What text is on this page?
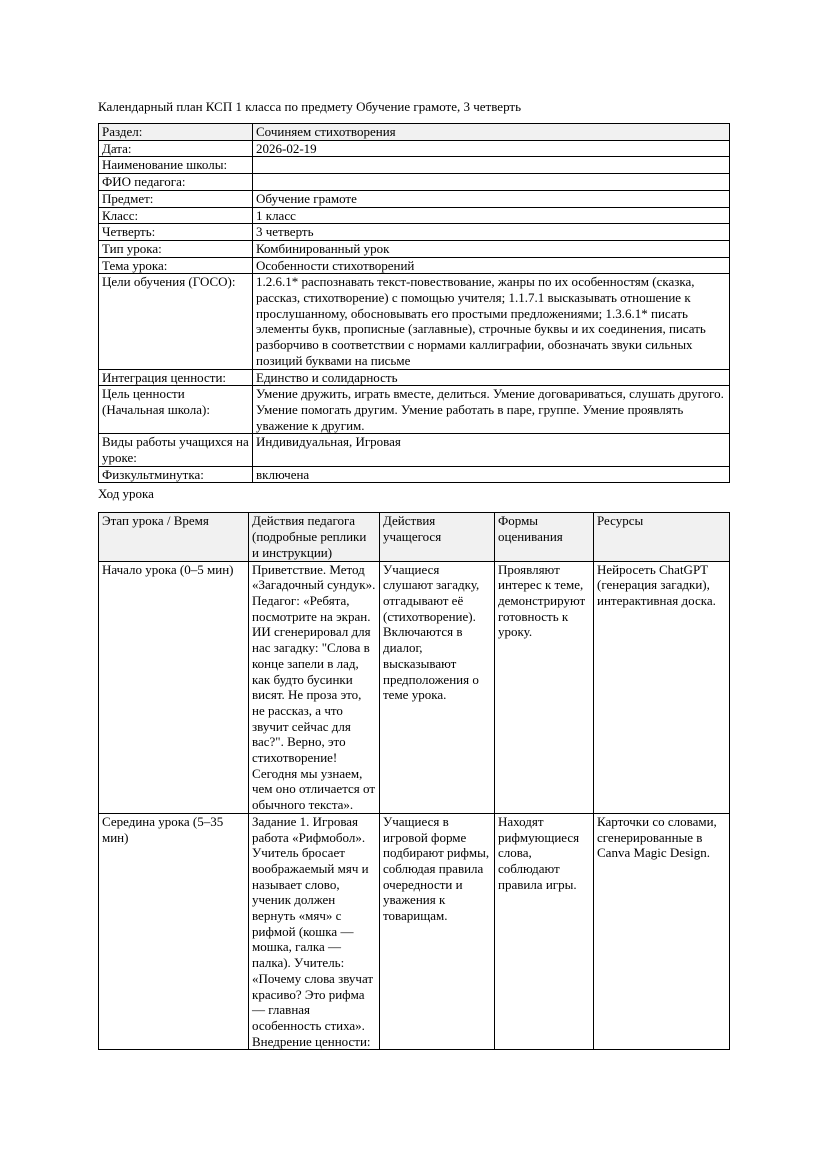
Календарный план КСП 1 класса по предмету Обучение грамоте, 3 четверть

Раздел:	Сочиняем стихотворения
Дата:	2026-02-19
Наименование школы:	
ФИО педагога:	
Предмет:	Обучение грамоте
Класс:	1 класс
Четверть:	3 четверть
Тип урока:	Комбинированный урок
Тема урока:	Особенности стихотворений
Цели обучения (ГОСО):	1.2.6.1* распознавать текст-повествование, жанры по их особенностям (сказка, рассказ, стихотворение) с помощью учителя; 1.1.7.1 высказывать отношение к прослушанному, обосновывать его простыми предложениями; 1.3.6.1* писать элементы букв, прописные (заглавные), строчные буквы и их соединения, писать разборчиво в соответствии с нормами каллиграфии, обозначать звуки сильных позиций буквами на письме
Интеграция ценности:	Единство и солидарность
Цель ценности (Начальная школа):	Умение дружить, играть вместе, делиться. Умение договариваться, слушать другого. Умение помогать другим. Умение работать в паре, группе. Умение проявлять уважение к другим.
Виды работы учащихся на уроке:	Индивидуальная, Игровая
Физкультминутка:	включена

Ход урока

Этап урока / Время	Действия педагога (подробные реплики и инструкции)	Действия учащегося	Формы оценивания	Ресурсы
Начало урока (0–5 мин)	Приветствие. Метод «Загадочный сундук». Педагог: «Ребята, посмотрите на экран. ИИ сгенерировал для нас загадку: "Слова в конце запели в лад, как будто бусинки висят. Не проза это, не рассказ, а что звучит сейчас для вас?". Верно, это стихотворение! Сегодня мы узнаем, чем оно отличается от обычного текста».	Учащиеся слушают загадку, отгадывают её (стихотворение). Включаются в диалог, высказывают предположения о теме урока.	Проявляют интерес к теме, демонстрируют готовность к уроку.	Нейросеть ChatGPT (генерация загадки), интерактивная доска.
Середина урока (5–35 мин)	Задание 1. Игровая работа «Рифмобол». Учитель бросает воображаемый мяч и называет слово, ученик должен вернуть «мяч» с рифмой (кошка — мошка, галка — палка). Учитель: «Почему слова звучат красиво? Это рифма — главная особенность стиха». Внедрение ценности:	Учащиеся в игровой форме подбирают рифмы, соблюдая правила очередности и уважения к товарищам.	Находят рифмующиеся слова, соблюдают правила игры.	Карточки со словами, сгенерированные в Canva Magic Design.
